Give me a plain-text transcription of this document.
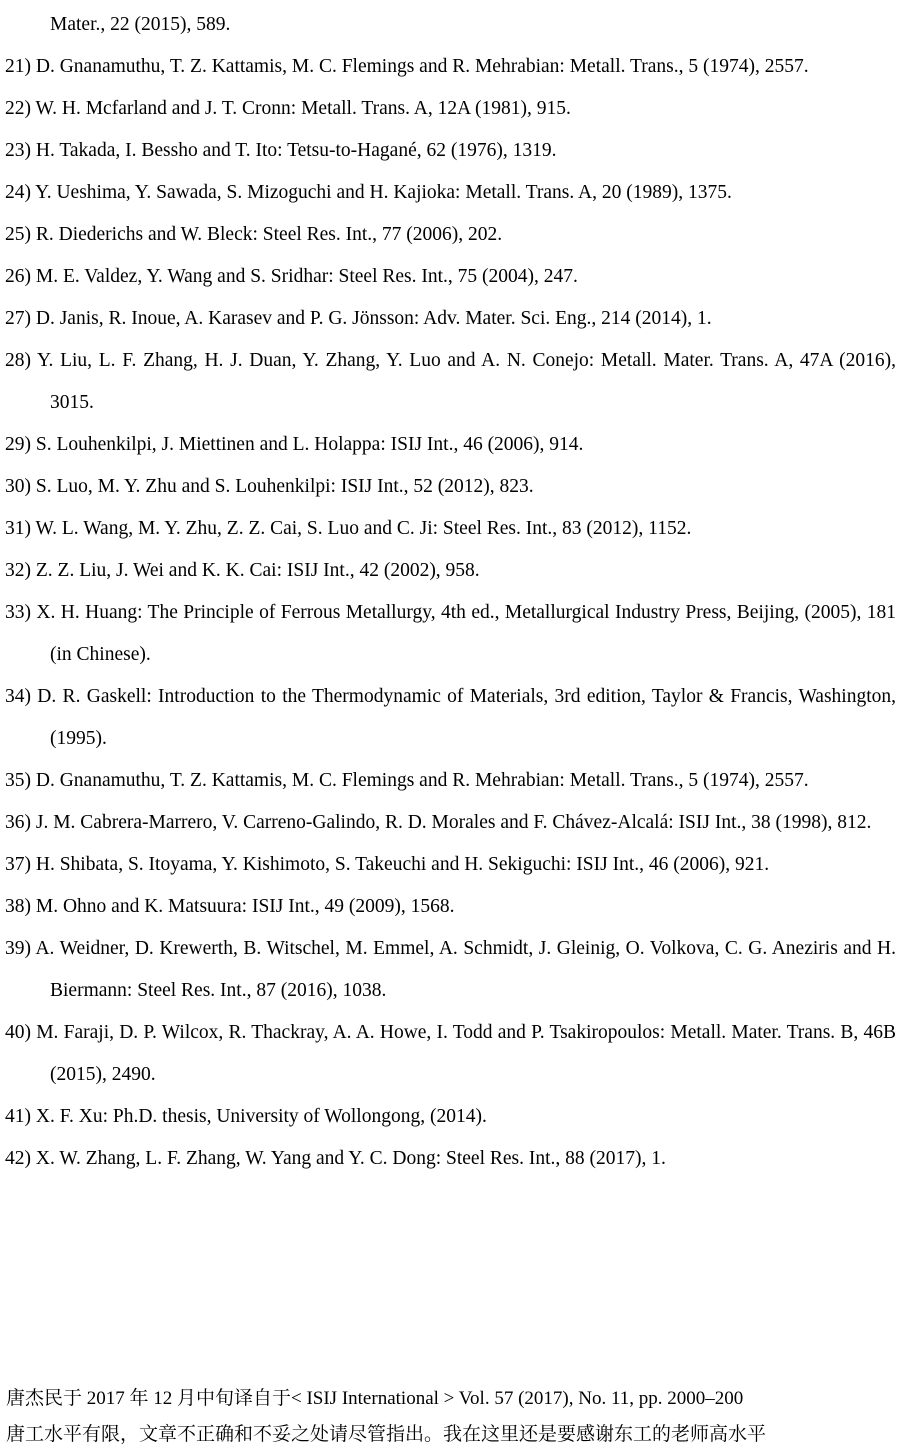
Mater., 22 (2015), 589.

21) D. Gnanamuthu, T. Z. Kattamis, M. C. Flemings and R. Mehrabian: Metall. Trans., 5 (1974), 2557.

22) W. H. Mcfarland and J. T. Cronn: Metall. Trans. A, 12A (1981), 915.

23) H. Takada, I. Bessho and T. Ito: Tetsu-to-Hagané, 62 (1976), 1319.

24) Y. Ueshima, Y. Sawada, S. Mizoguchi and H. Kajioka: Metall. Trans. A, 20 (1989), 1375.

25) R. Diederichs and W. Bleck: Steel Res. Int., 77 (2006), 202.

26) M. E. Valdez, Y. Wang and S. Sridhar: Steel Res. Int., 75 (2004), 247.

27) D. Janis, R. Inoue, A. Karasev and P. G. Jönsson: Adv. Mater. Sci. Eng., 214 (2014), 1.

28) Y. Liu, L. F. Zhang, H. J. Duan, Y. Zhang, Y. Luo and A. N. Conejo: Metall. Mater. Trans. A, 47A (2016), 3015.

29) S. Louhenkilpi, J. Miettinen and L. Holappa: ISIJ Int., 46 (2006), 914.

30) S. Luo, M. Y. Zhu and S. Louhenkilpi: ISIJ Int., 52 (2012), 823.

31) W. L. Wang, M. Y. Zhu, Z. Z. Cai, S. Luo and C. Ji: Steel Res. Int., 83 (2012), 1152.

32) Z. Z. Liu, J. Wei and K. K. Cai: ISIJ Int., 42 (2002), 958.

33) X. H. Huang: The Principle of Ferrous Metallurgy, 4th ed., Metallurgical Industry Press, Beijing, (2005), 181 (in Chinese).

34) D. R. Gaskell: Introduction to the Thermodynamic of Materials, 3rd edition, Taylor & Francis, Washington, (1995).

35) D. Gnanamuthu, T. Z. Kattamis, M. C. Flemings and R. Mehrabian: Metall. Trans., 5 (1974), 2557.

36) J. M. Cabrera-Marrero, V. Carreno-Galindo, R. D. Morales and F. Chávez-Alcalá: ISIJ Int., 38 (1998), 812.

37) H. Shibata, S. Itoyama, Y. Kishimoto, S. Takeuchi and H. Sekiguchi: ISIJ Int., 46 (2006), 921.

38) M. Ohno and K. Matsuura: ISIJ Int., 49 (2009), 1568.

39) A. Weidner, D. Krewerth, B. Witschel, M. Emmel, A. Schmidt, J. Gleinig, O. Volkova, C. G. Aneziris and H. Biermann: Steel Res. Int., 87 (2016), 1038.

40) M. Faraji, D. P. Wilcox, R. Thackray, A. A. Howe, I. Todd and P. Tsakiropoulos: Metall. Mater. Trans. B, 46B (2015), 2490.

41) X. F. Xu: Ph.D. thesis, University of Wollongong, (2014).

42) X. W. Zhang, L. F. Zhang, W. Yang and Y. C. Dong: Steel Res. Int., 88 (2017), 1.

唐杰民于 2017 年 12 月中旬译自于< ISIJ International > Vol. 57 (2017), No. 11, pp. 2000–200

唐工水平有限，文章不正确和不妥之处请尽管指出。我在这里还是要感谢东工的老师高水平
